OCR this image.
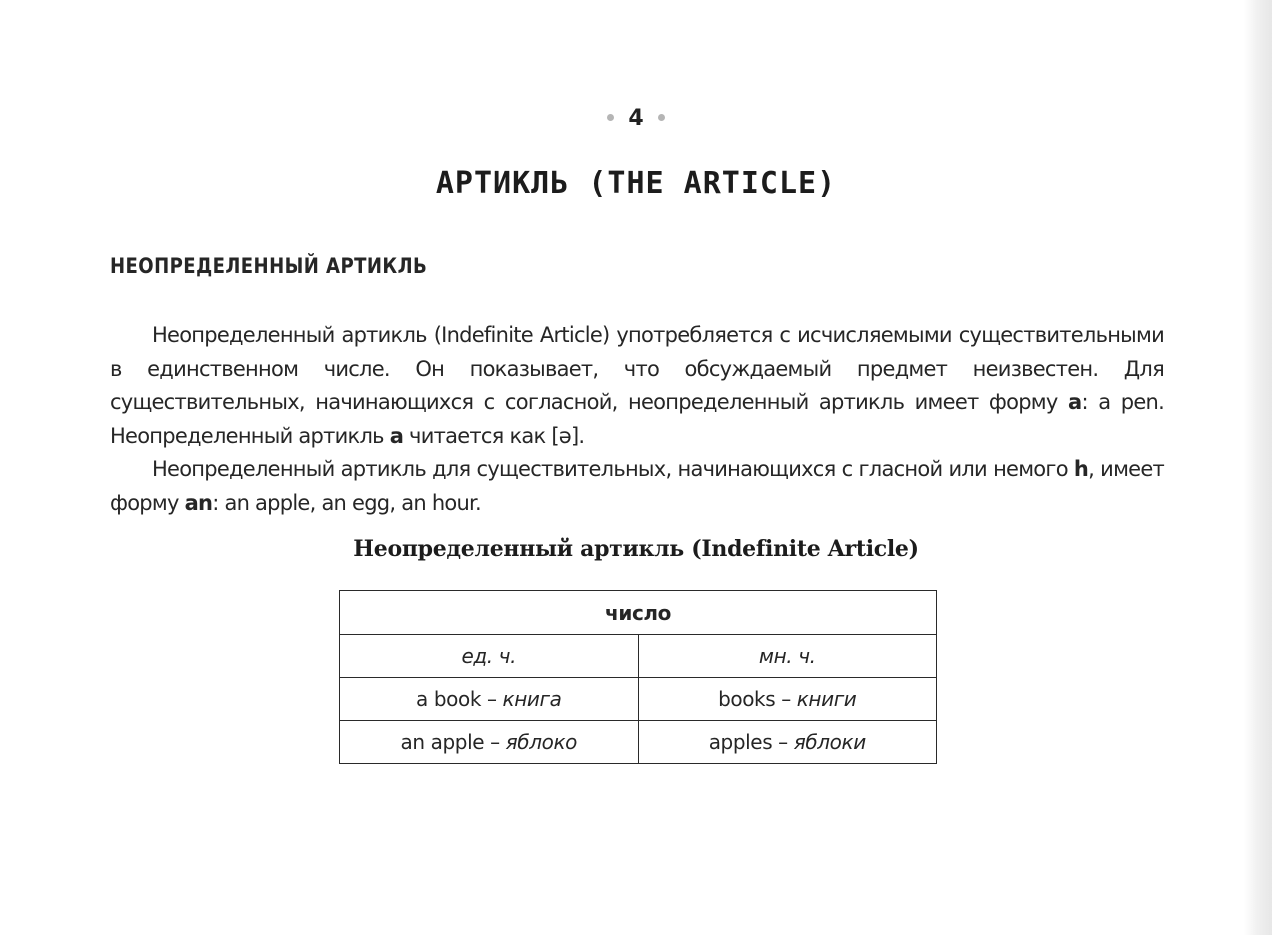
4
АРТИКЛЬ (THE ARTICLE)
НЕОПРЕДЕЛЕННЫЙ АРТИКЛЬ

Неопределенный артикль (Indefinite Article) употребляется с исчисляемыми существительными в единственном числе. Он показывает, что обсуждаемый предмет неизвестен. Для существительных, начинающихся с согласной, неопределенный артикль имеет форму a: a pen. Неопределенный артикль a читается как [ə].

Неопределенный артикль для существительных, начинающихся с гласной или немого h, имеет форму an: an apple, an egg, an hour.

Неопределенный артикль (Indefinite Article)
число	
ед. ч.	мн. ч.
a book – книга	books – книги
an apple – яблоко	apples – яблоки
